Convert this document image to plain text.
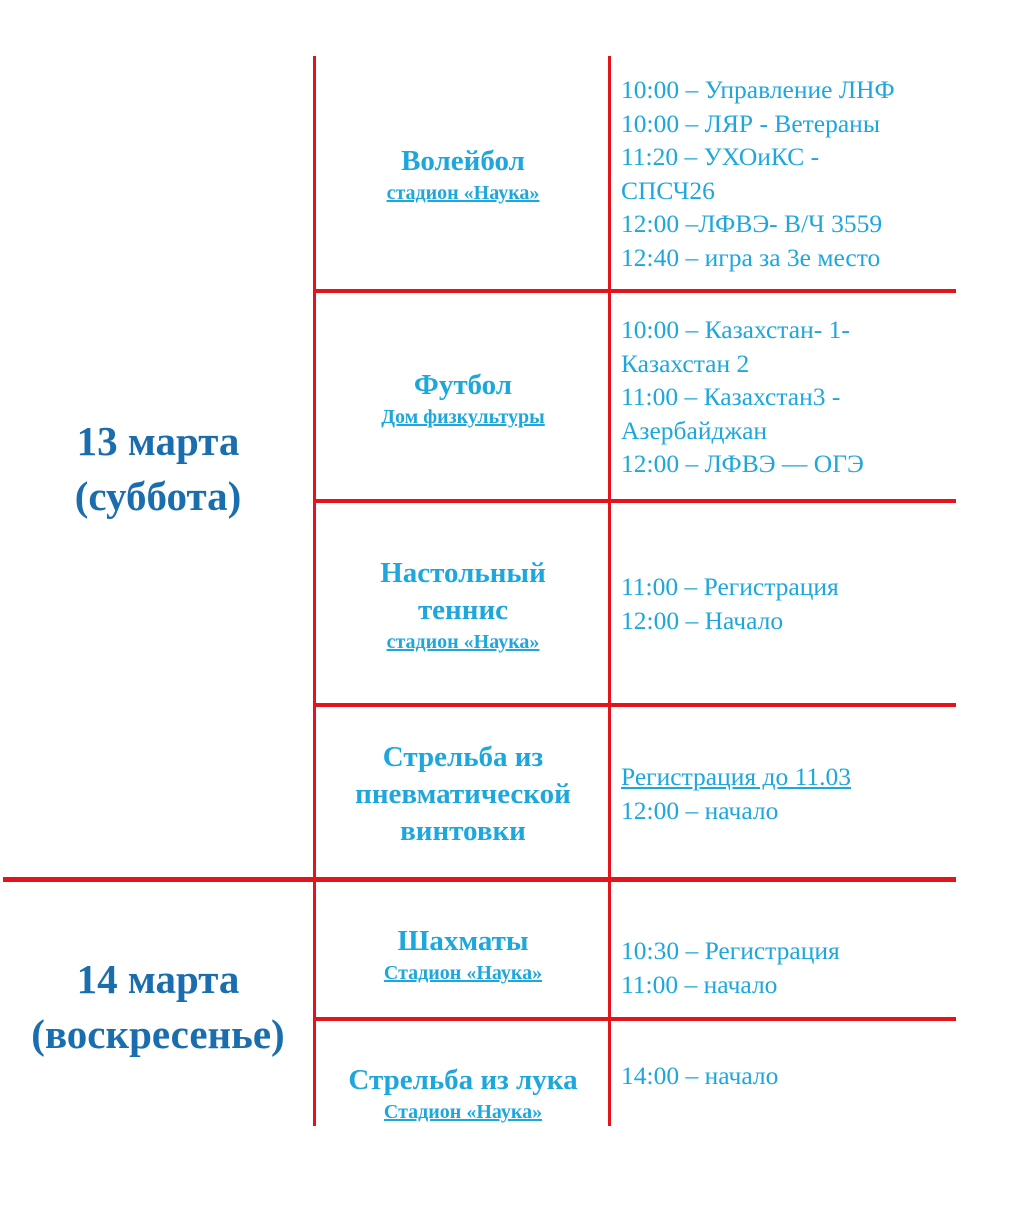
13 марта
(суббота)
14 марта
(воскресенье)
Волейбол
стадион «Наука»
10:00 – Управление ЛНФ
10:00 – ЛЯР - Ветераны
11:20 – УХОиКС -
СПСЧ26
12:00 –ЛФВЭ- В/Ч 3559
12:40 – игра за 3е место
Футбол
Дом физкультуры
10:00 – Казахстан- 1-
Казахстан 2
11:00 – Казахстан3 -
Азербайджан
12:00 – ЛФВЭ — ОГЭ
Настольный
теннис
стадион «Наука»
11:00 – Регистрация
12:00 – Начало
Стрельба из
пневматической
винтовки
Регистрация до 11.03
12:00 – начало
Шахматы
Стадион «Наука»
10:30 – Регистрация
11:00 – начало
Стрельба из лука
Стадион «Наука»
14:00 – начало
